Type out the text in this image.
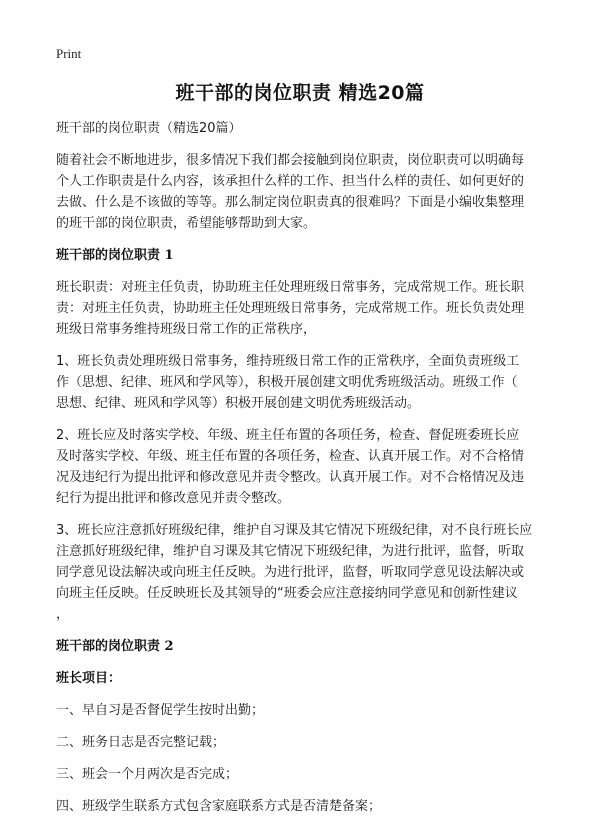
Print
班干部的岗位职责 精选20篇

班干部的岗位职责（精选20篇）

随着社会不断地进步，很多情况下我们都会接触到岗位职责，岗位职责可以明确每

个人工作职责是什么内容，该承担什么样的工作、担当什么样的责任、如何更好的

去做、什么是不该做的等等。那么制定岗位职责真的很难吗？下面是小编收集整理

的班干部的岗位职责，希望能够帮助到大家。

班干部的岗位职责 1

班长职责：对班主任负责，协助班主任处理班级日常事务，完成常规工作。班长职

责：对班主任负责，协助班主任处理班级日常事务，完成常规工作。班长负责处理

班级日常事务维持班级日常工作的正常秩序，

1、班长负责处理班级日常事务，维持班级日常工作的正常秩序，全面负责班级工

作（思想、纪律、班风和学风等），积极开展创建文明优秀班级活动。班级工作（

思想、纪律、班风和学风等）积极开展创建文明优秀班级活动。

2、班长应及时落实学校、年级、班主任布置的各项任务，检查、督促班委班长应

及时落实学校、年级、班主任布置的各项任务，检查、认真开展工作。对不合格情

况及违纪行为提出批评和修改意见并责令整改。认真开展工作。对不合格情况及违

纪行为提出批评和修改意见并责令整改。

3、班长应注意抓好班级纪律，维护自习课及其它情况下班级纪律，对不良行班长应

注意抓好班级纪律，维护自习课及其它情况下班级纪律，为进行批评，监督，听取

同学意见设法解决或向班主任反映。为进行批评，监督，听取同学意见设法解决或

向班主任反映。任反映班长及其领导的“班委会应注意接纳同学意见和创新性建议

，

班干部的岗位职责 2

班长项目：

一、早自习是否督促学生按时出勤；

二、班务日志是否完整记载；

三、班会一个月两次是否完成；

四、班级学生联系方式包含家庭联系方式是否清楚备案；
